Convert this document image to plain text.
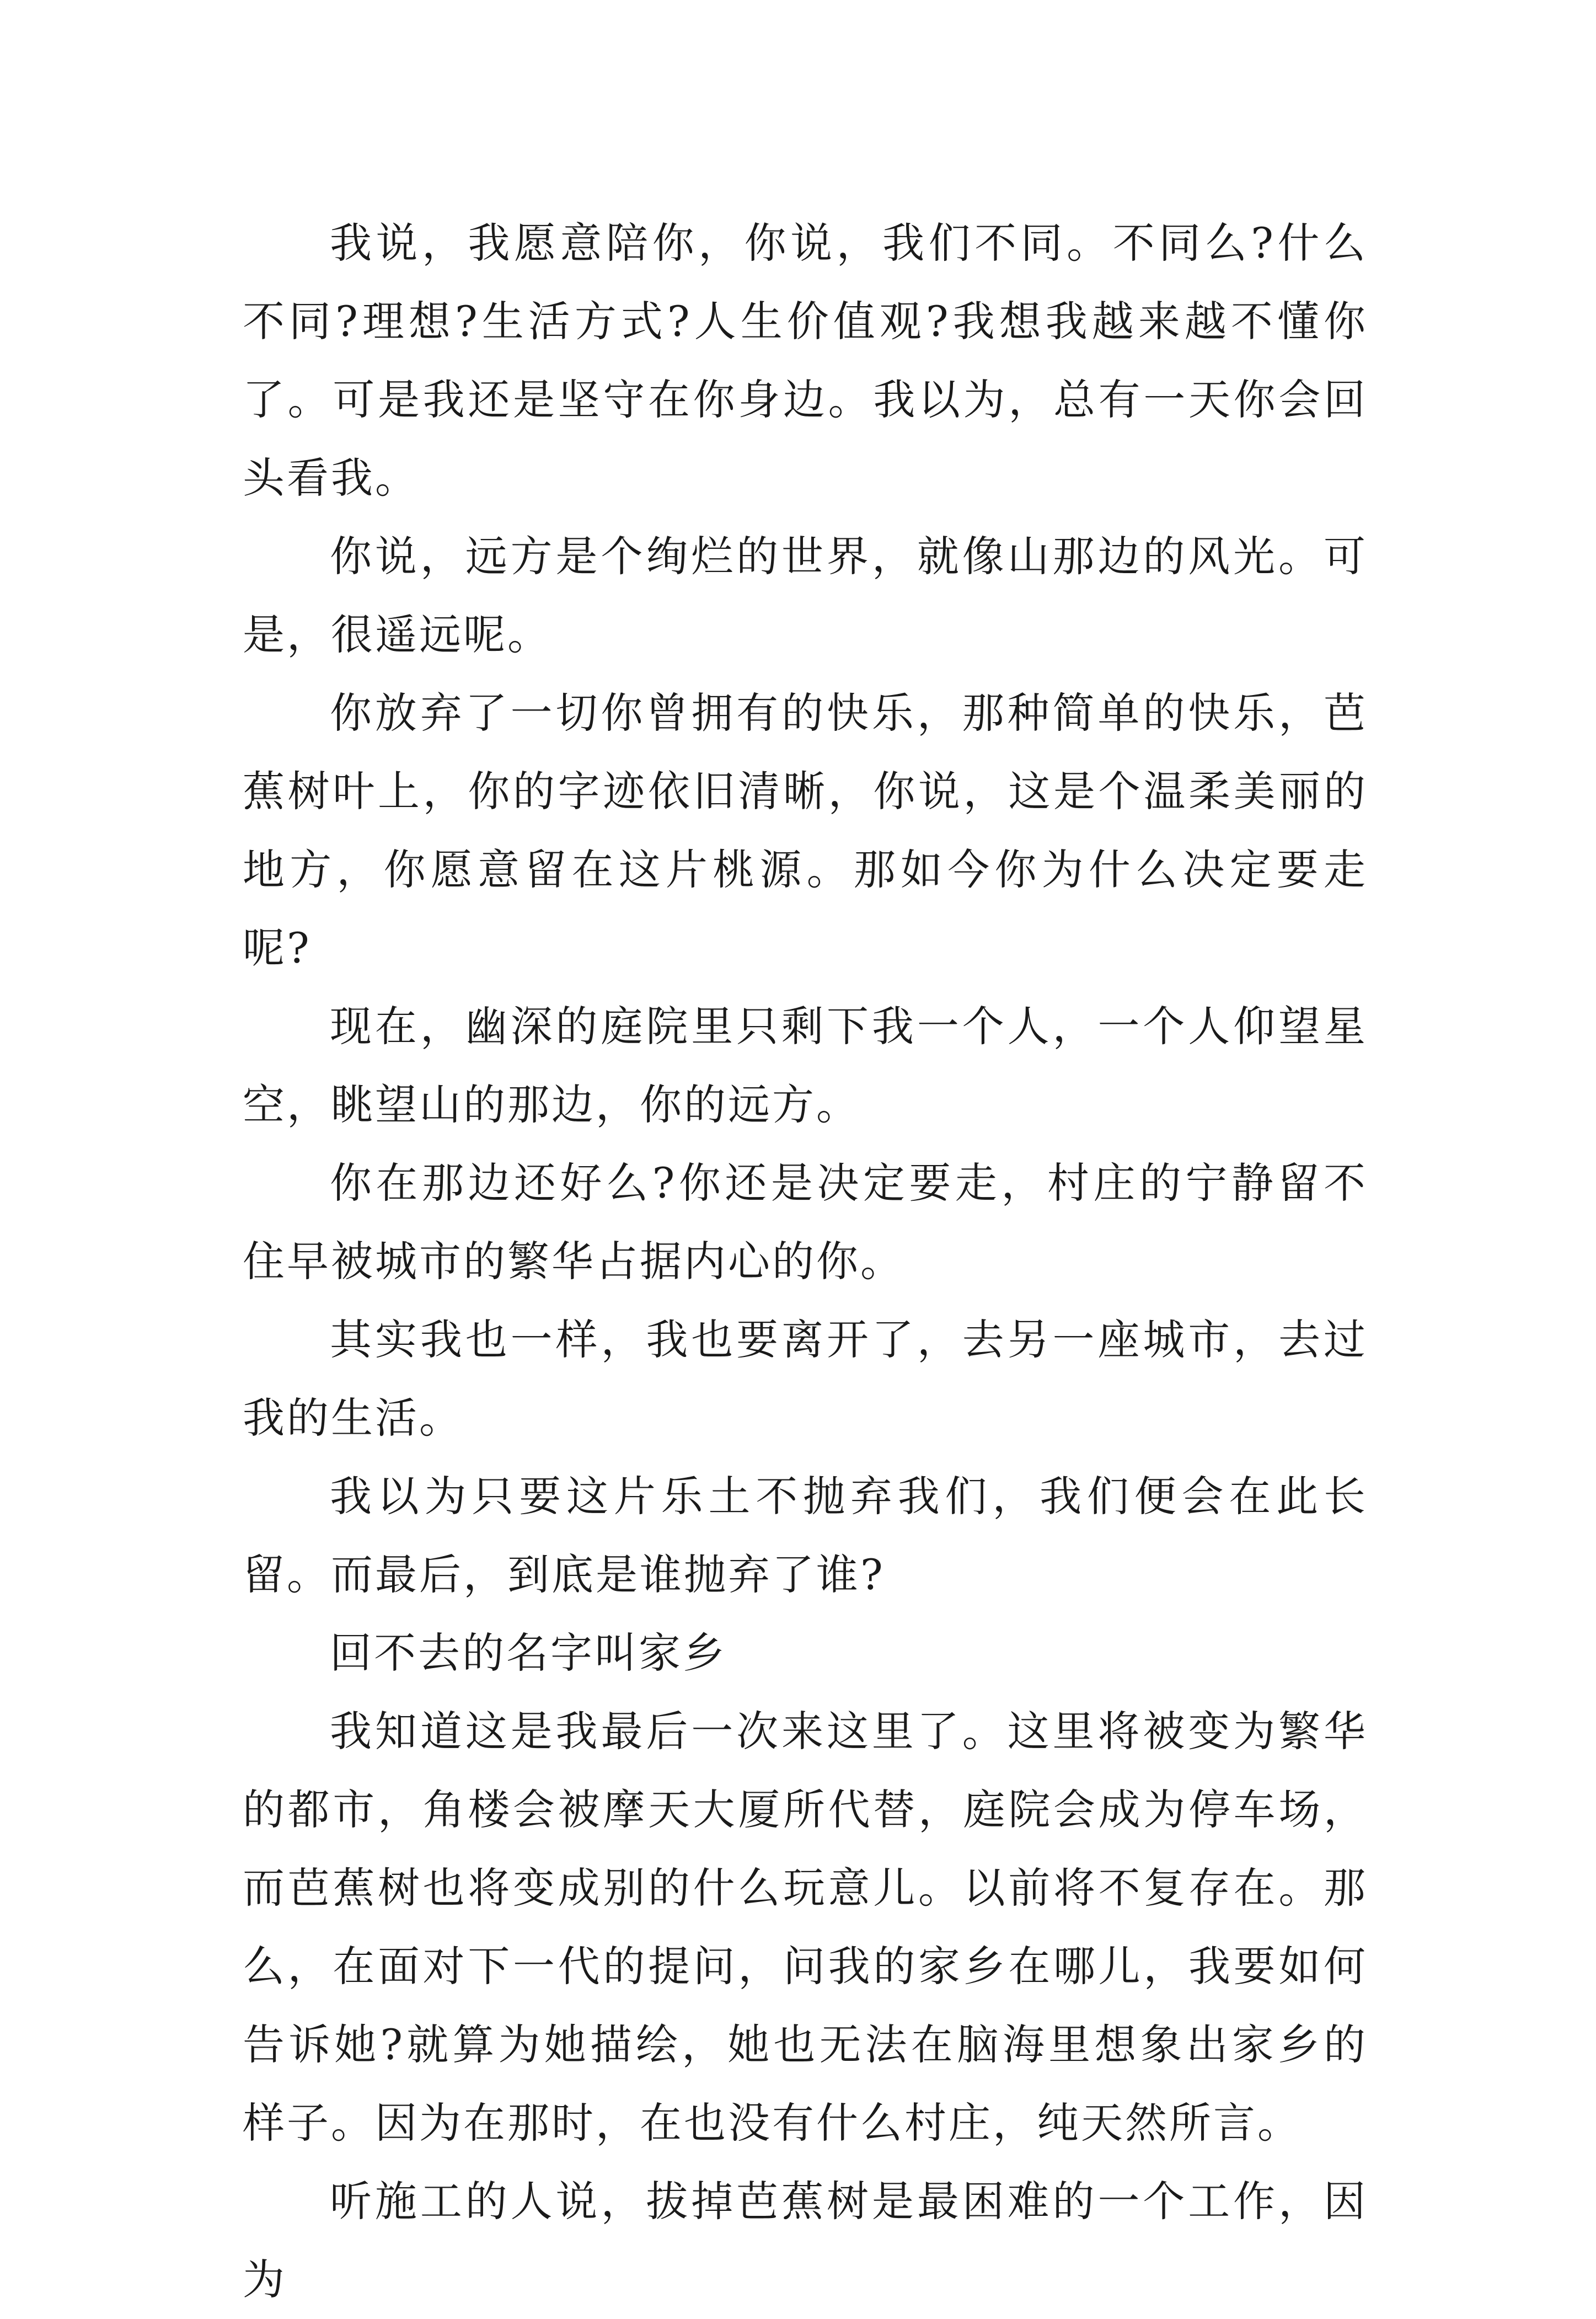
我说，我愿意陪你，你说，我们不同。不同么?什么不同?理想?生活方式?人生价值观?我想我越来越不懂你了。可是我还是坚守在你身边。我以为，总有一天你会回头看我。

你说，远方是个绚烂的世界，就像山那边的风光。可是，很遥远呢。

你放弃了一切你曾拥有的快乐，那种简单的快乐，芭蕉树叶上，你的字迹依旧清晰，你说，这是个温柔美丽的地方，你愿意留在这片桃源。那如今你为什么决定要走呢?

现在，幽深的庭院里只剩下我一个人，一个人仰望星空，眺望山的那边，你的远方。

你在那边还好么?你还是决定要走，村庄的宁静留不住早被城市的繁华占据内心的你。

其实我也一样，我也要离开了，去另一座城市，去过我的生活。

我以为只要这片乐土不抛弃我们，我们便会在此长留。而最后，到底是谁抛弃了谁?

回不去的名字叫家乡

我知道这是我最后一次来这里了。这里将被变为繁华的都市，角楼会被摩天大厦所代替，庭院会成为停车场，而芭蕉树也将变成别的什么玩意儿。以前将不复存在。那么，在面对下一代的提问，问我的家乡在哪儿，我要如何告诉她?就算为她描绘，她也无法在脑海里想象出家乡的样子。因为在那时，在也没有什么村庄，纯天然所言。

听施工的人说，拔掉芭蕉树是最困难的一个工作，因为
